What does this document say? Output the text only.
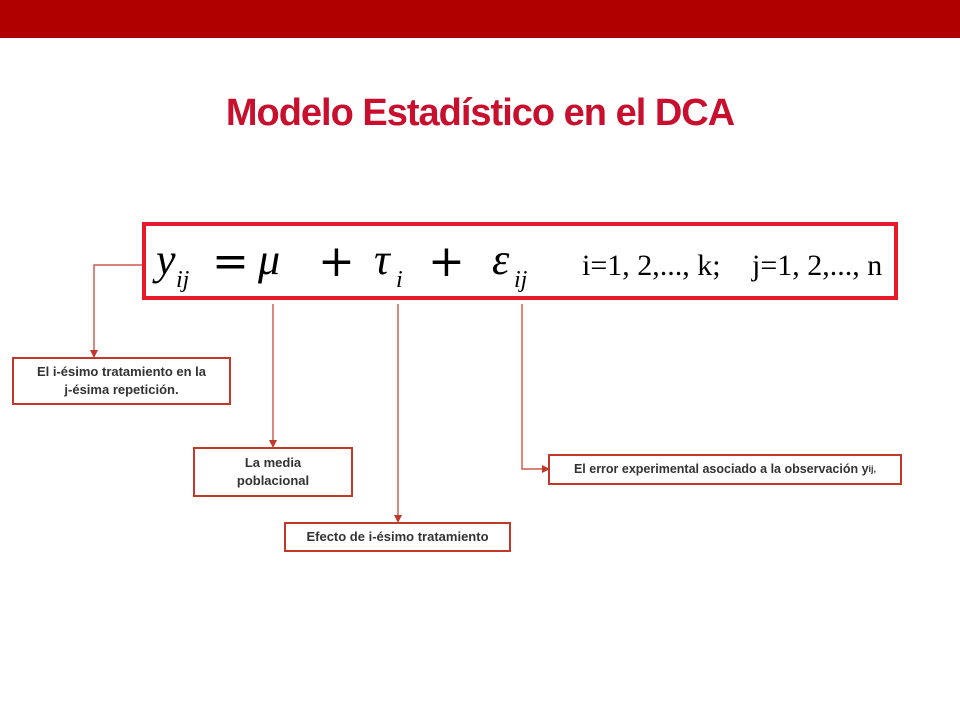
Modelo Estadístico en el DCA
y ij = μ + τ i + ε ij i=1, 2,..., k; j=1, 2,..., n
El i-ésimo tratamiento en la
j-ésima repetición.
La media
poblacional
Efecto de i-ésimo tratamiento
El error experimental asociado a la observación y ij,
